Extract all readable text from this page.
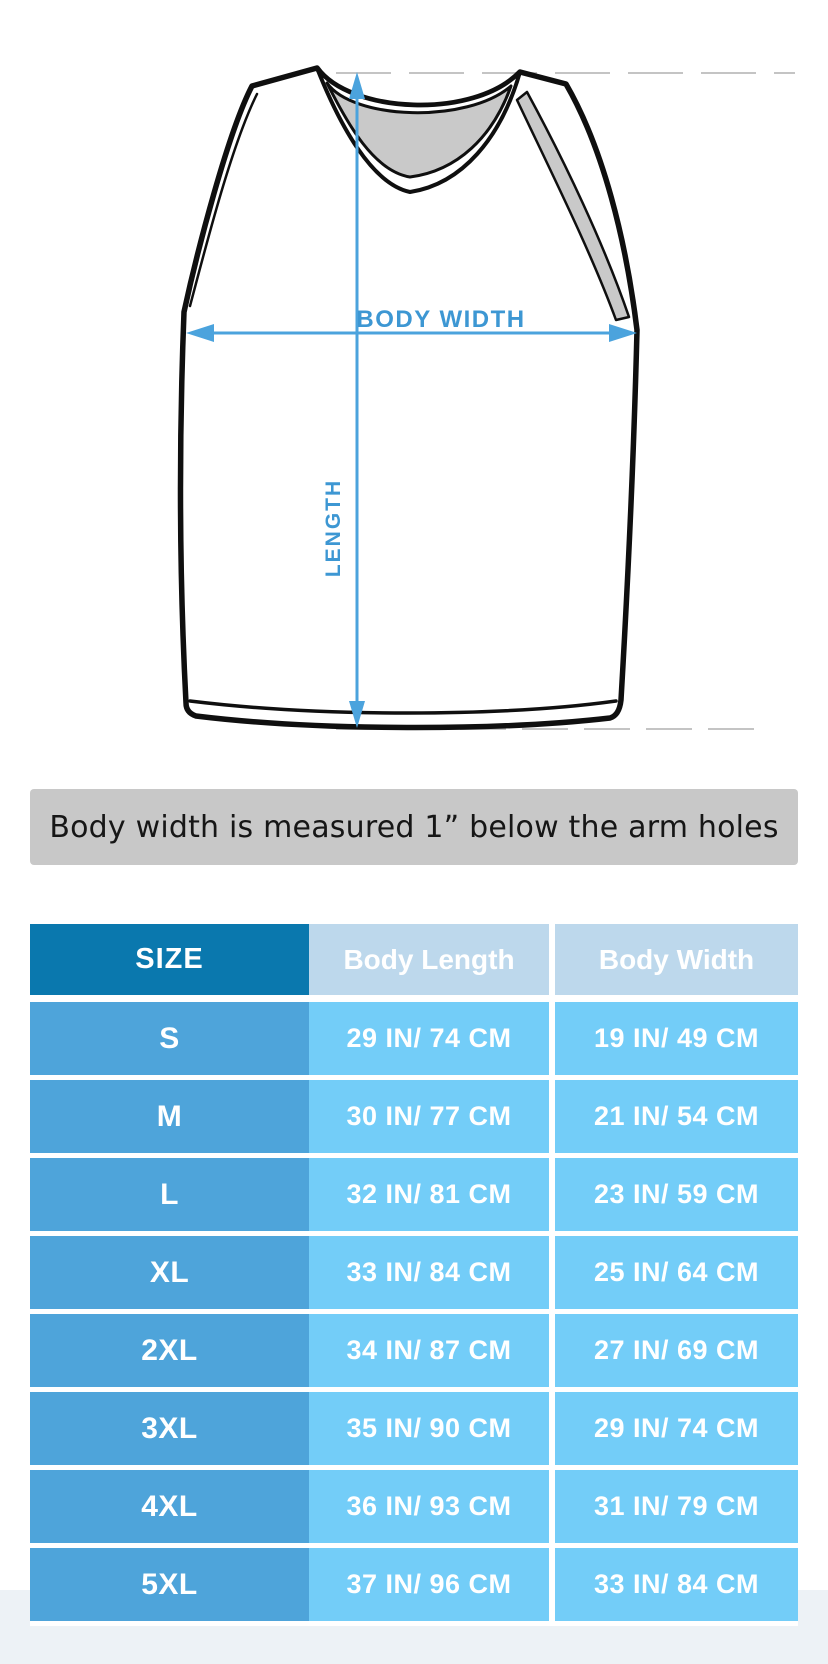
BODY WIDTH
LENGTH
Body width is measured 1” below the arm holes
SIZE	Body Length	Body Width
S	29 IN/ 74 CM	19 IN/ 49 CM
M	30 IN/ 77 CM	21 IN/ 54 CM
L	32 IN/ 81 CM	23 IN/ 59 CM
XL	33 IN/ 84 CM	25 IN/ 64 CM
2XL	34 IN/ 87 CM	27 IN/ 69 CM
3XL	35 IN/ 90 CM	29 IN/ 74 CM
4XL	36 IN/ 93 CM	31 IN/ 79 CM
5XL	37 IN/ 96 CM	33 IN/ 84 CM
